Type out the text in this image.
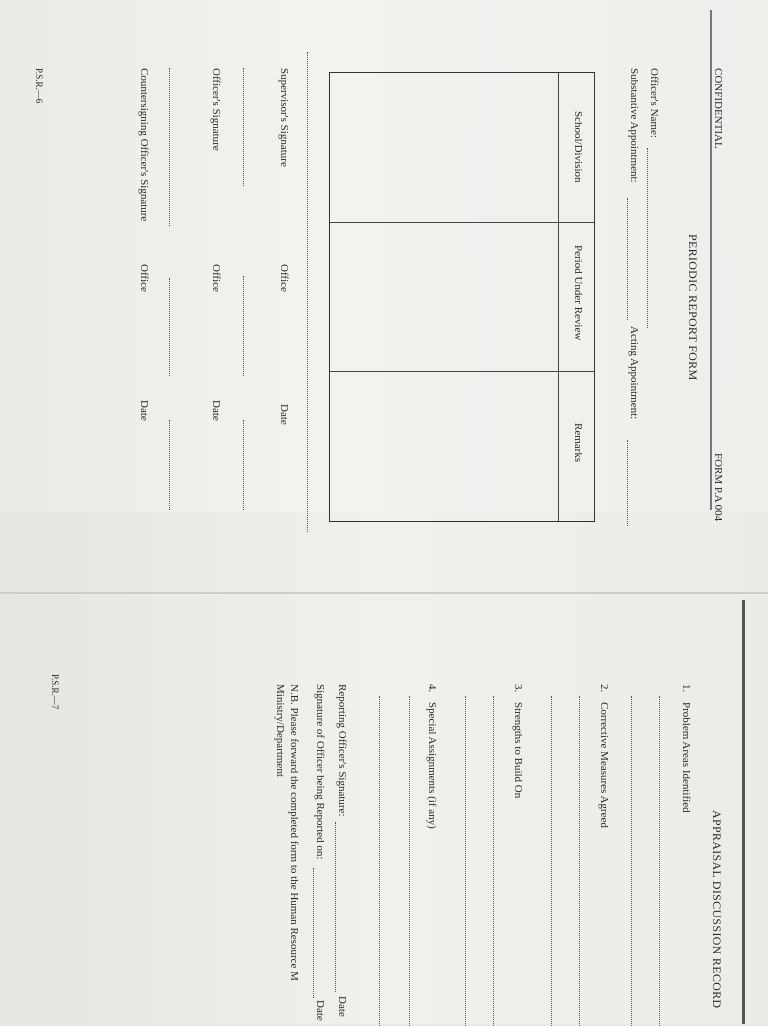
CONFIDENTIAL
FORM P.A 004
PERIODIC REPORT FORM
Officer's Name:
Substantive Appointment:
Acting Appointment:
School/Division
Period Under Review
Remarks
Supervisor's Signature
Office
Date
Officer's Signature
Office
Date
Countersigning Officer's Signature
Office
Date
P.S.R.—6
APPRAISAL DISCUSSION RECORD
1.
Problem Areas Identified
2.
Corrective Measures Agreed
3.
Strengths to Build On
4.
Special Assignments (if any)
Reporting Officer's Signature:
Date
Signature of Officer being Reported on:
Date
N.B. Please forward the completed form to the Human Resource M
Ministry/Department
P.S.R.—7
